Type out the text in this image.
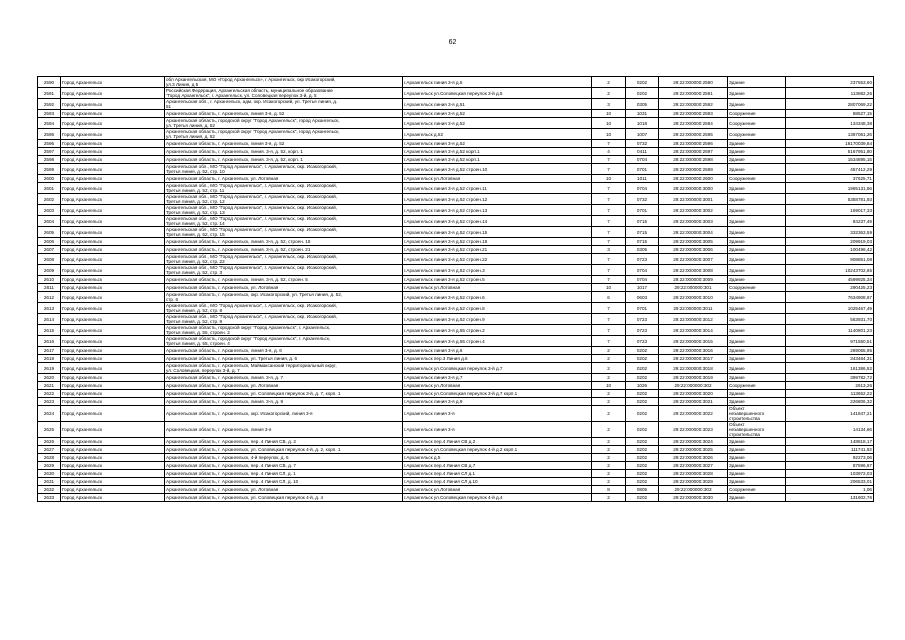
62
2590	Город Архангельск	обл Архангельская, МО «Город Архангельск», г Архангельск, окр Исакогорский,
ул.3 Линия, д 5	г.Архангельск линия 3-я д.5	2	0202	29:22:000000:2590	Здание	237553,60
2591	Город Архангельск	Российская Федерация, Архангельская область, муниципальное образование
"Город Архангельск", г. Архангельск, ул. Соловецкая переулок 3-й, д. 5	г.Архангельск ул.Соловецкая переулок 3-й д.5	2	0202	29:22:000000:2591	Здание	113882,26
2592	Город Архангельск	Архангельская обл., г. Архангельск, адм. окр. Исакогорский, ул. Третья линия, д.
51	г.Архангельск линия 3-я д.51	3	0305	29:22:000000:2592	Здание	2807069,22
2593	Город Архангельск	Архангельская область, г. Архангельск, линия 3-я, д. 52	г.Архангельск линия 3-я д.52	10	1031	29:22:000000:2593	Сооружение	88527,15
2594	Город Архангельск	Архангельская область, городской округ "Город Архангельск", город Архангельск,
ул. Третья линия, д. 52	г.Архангельск линия 3-я д.52	10	1018	29:22:000000:2594	Сооружение	134348,38
2595	Город Архангельск	Архангельская область, городской округ "Город Архангельск", город Архангельск,
ул. Третья линия, д. 52	г.Архангельск д.52	10	1007	29:22:000000:2595	Сооружение	1387061,26
2596	Город Архангельск	Архангельская область, г. Архангельск, линия 3-я, д. 52	г.Архангельск линия 3-я д.52	7	0732	29:22:000000:2596	Здание	16170039,84
2597	Город Архангельск	Архангельская область, г. Архангельск, линия. 3-я, д. 52, корп. 1	г.Архангельск линия 3-я д.52 корп.1	4	0411	29:22:000000:2597	Здание	5167951,80
2598	Город Архангельск	Архангельская область, г. Архангельск, линия. 3-я, д. 52, корп. 1	г.Архангельск линия 3-я д.52 корп.1	7	0704	29:22:000000:2598	Здание	1534895,15
2599	Город Архангельск	Архангельская обл., МО "Город Архангельск", г. Архангельск, окр. Исакогорский,
Третья линия, д. 52, стр. 10	г.Архангельск линия 3-я д.52 строен.10	7	0701	29:22:000000:2599	Здание	457412,29
2600	Город Архангельск	Архангельская область, г. Архангельск, ул. Лотовная	г.Архангельск ул.Лотовная	10	1011	29:22:000000:2600	Сооружение	37625,71
2601	Город Архангельск	Архангельская обл., МО "Город Архангельск", г. Архангельск, окр. Исакогорский,
Третья линия, д. 52, стр. 11	г.Архангельск линия 3-я д.52 строен.11	7	0704	29:22:000000:3000	Здание	1965131,66
2602	Город Архангельск	Архангельская обл., МО "Город Архангельск", г. Архангельск, окр. Исакогорский,
Третья линия, д. 52, стр. 12	г.Архангельск линия 3-я д.52 строен.12	7	0732	29:22:000000:3001	Здание	5358781,93
2603	Город Архангельск	Архангельская обл., МО "Город Архангельск", г. Архангельск, окр. Исакогорский,
Третья линия, д. 52, стр. 13	г.Архангельск линия 3-я д.52 строен.13	7	0701	29:22:000000:3002	Здание	169017,33
2604	Город Архангельск	Архангельская обл., МО "Город Архангельск", г. Архангельск, окр. Исакогорский,
Третья линия, д. 52, стр. 14	г.Архангельск линия 3-я д.52 строен.14	7	0715	29:22:000000:3003	Здание	84237,49
2605	Город Архангельск	Архангельская обл., МО "Город Архангельск", г. Архангельск, окр. Исакогорский,
Третья линия, д. 52, стр. 15	г.Архангельск линия 3-я д.52 строен.15	7	0715	29:22:000000:3004	Здание	332363,59
2606	Город Архангельск	Архангельская область, г. Архангельск, линия. 3-я, д. 52, строен. 18	г.Архангельск линия 3-я д.52 строен.18	7	0715	29:22:000000:3005	Здание	209919,03
2607	Город Архангельск	Архангельская область, г. Архангельск, линия. 3-я, д. 52, строен. 21	г.Архангельск линия 3-я д.52 строен.21	3	0305	29:22:000000:3006	Здание	100496,42
2608	Город Архангельск	Архангельская обл., МО "Город Архангельск", г. Архангельск, окр. Исакогорский,
Третья линия, д. 52, стр. 22	г.Архангельск линия 3-я д.52 строен.22	7	0723	29:22:000000:3007	Здание	908851,08
2609	Город Архангельск	Архангельская обл., МО "Город Архангельск", г. Архангельск, окр. Исакогорский,
Третья линия, д. 52, стр. 3	г.Архангельск линия 3-я д.52 строен.3	7	0704	29:22:000000:3008	Здание	10243702,65
2610	Город Архангельск	Архангельская область, г. Архангельск, линия. 3-я, д. 52, строен. 5	г.Архангельск линия 3-я д.52 строен.5	7	0704	29:22:000000:3009	Здание	4599925,34
2611	Город Архангельск	Архангельская область, г. Архангельск, ул. Лотовная	г.Архангельск ул.Лотовная	10	1017	29:22:000000:301	Сооружение	290425,23
2612	Город Архангельск	Архангельская область, г. Архангельск, окр. Исакогорский, ул. Третья линия, д. 52,
стр. 6	г.Архангельск линия 3-я д.52 строен.6	6	0603	29:22:000000:3010	Здание	7634908,67
2613	Город Архангельск	Архангельская обл., МО "Город Архангельск", г. Архангельск, окр. Исакогорский,
Третья линия, д. 52, стр. 8	г.Архангельск линия 3-я д.52 строен.8	7	0701	29:22:000000:3011	Здание	1025467,49
2614	Город Архангельск	Архангельская обл., МО "Город Архангельск", г. Архангельск, окр. Исакогорский,
Третья линия, д. 52, стр. 9	г.Архангельск линия 3-я д.52 строен.9	7	0723	29:22:000000:3012	Здание	563931,70
2615	Город Архангельск	Архангельская область, городской округ "Город Архангельск", г. Архангельск,
Третья линия, д. 55, строен. 2	г.Архангельск линия 3-я д.55 строен.2	7	0723	29:22:000000:3014	Здание	1140801,23
2616	Город Архангельск	Архангельская область, городской округ "Город Архангельск", г. Архангельск,
Третья линия, д. 55, строен. 4	г.Архангельск линия 3-я д.55 строен.4	7	0723	29:22:000000:3015	Здание	971550,51
2617	Город Архангельск	Архангельская область, г. Архангельск, линия 3-я, д. 6	г.Архангельск линия 3-я д.6	2	0202	29:22:000000:3016	Здание	289055,95
2618	Город Архангельск	Архангельская область, г. Архангельск, ул. Третья линия, д. 6	г.Архангельск пер.3 Линия д.6	2	0202	29:22:000000:3017	Здание	343484,31
2619	Город Архангельск	Архангельская область, г. Архангельск, Маймаксанский территориальный округ,
ул. Соловецкая, переулок 3-й, д. 7	г.Архангельск ул.Соловецкая переулок 3-й д.7	2	0202	29:22:000000:3018	Здание	161386,52
2620	Город Архангельск	Архангельская область, г. Архангельск, линия. 3-я, д. 7	г.Архангельск линия 3-я д.7	2	0202	29:22:000000:3019	Здание	399782,72
2621	Город Архангельск	Архангельская область, г. Архангельск, ул. Лотовная	г.Архангельск ул.Лотовная	10	1026	29:22:000000:302	Сооружение	2613,26
2622	Город Архангельск	Архангельская область, г. Архангельск, ул. Соловецкая переулок 3-й, д. 7, корп. 1	г.Архангельск ул.Соловецкая переулок 3-й д.7 корп.1	2	0202	29:22:000000:3020	Здание	113652,22
2623	Город Архангельск	Архангельская область, г. Архангельск, линия. 3-я, д. 9	г.Архангельск линия 3-я д.9	2	0202	29:22:000000:3021	Здание	226806,32
2624	Город Архангельск	Архангельская область, г. Архангельск, окр. Исакогорский, линия 3-я	г.Архангельск линия 3-я	2	0202	29:22:000000:3022	Объект
незавершенного
строительства	141847,21
2625	Город Архангельск	Архангельская область, г. Архангельск, линия 3-я	г.Архангельск линия 3-я	2	0202	29:22:000000:3023	Объект
незавершенного
строительства	14134,66
2626	Город Архангельск	Архангельская область, г. Архангельск, пер. 4 Линия СВ, д. 2	г.Архангельск пер.4 Линия СВ д.2	2	0202	29:22:000000:3024	Здание	148818,17
2627	Город Архангельск	Архангельская область, г. Архангельск, ул. Соловецкая переулок 4-й, д. 2, корп. 1	г.Архангельск ул.Соловецкая переулок 4-й д.2 корп.1	2	0202	29:22:000000:3025	Здание	111741,92
2628	Город Архангельск	Архангельская область, г. Архангельск, 4-й переулок, д. 5	г.Архангельск д.5	2	0202	29:22:000000:3026	Здание	92273,06
2629	Город Архангельск	Архангельская область, г. Архангельск, пер. 4 Линия СВ, д. 7	г.Архангельск пер.4 Линия СВ д.7	2	0202	29:22:000000:3027	Здание	87596,67
2630	Город Архангельск	Архангельская область, г. Архангельск, пер. 4 Линия СЛ, д. 1	г.Архангельск пер.4 Линия СЛ д.1	2	0202	29:22:000000:3028	Здание	103972,03
2631	Город Архангельск	Архангельская область, г. Архангельск, пер. 4 Линия СЛ, д. 10	г.Архангельск пер.4 Линия СЛ д.10	2	0202	29:22:000000:3029	Здание	206533,01
2632	Город Архангельск	Архангельская область, г. Архангельск, ул. Лотовная	г.Архангельск ул.Лотовная	8	0805	29:22:000000:303	Сооружение	1,06
2633	Город Архангельск	Архангельская область, г. Архангельск, ул. Соловецкая переулок 4-й, д. 4	г.Архангельск ул.Соловецкая переулок 4-й д.4	2	0202	29:22:000000:3030	Здание	131602,76
